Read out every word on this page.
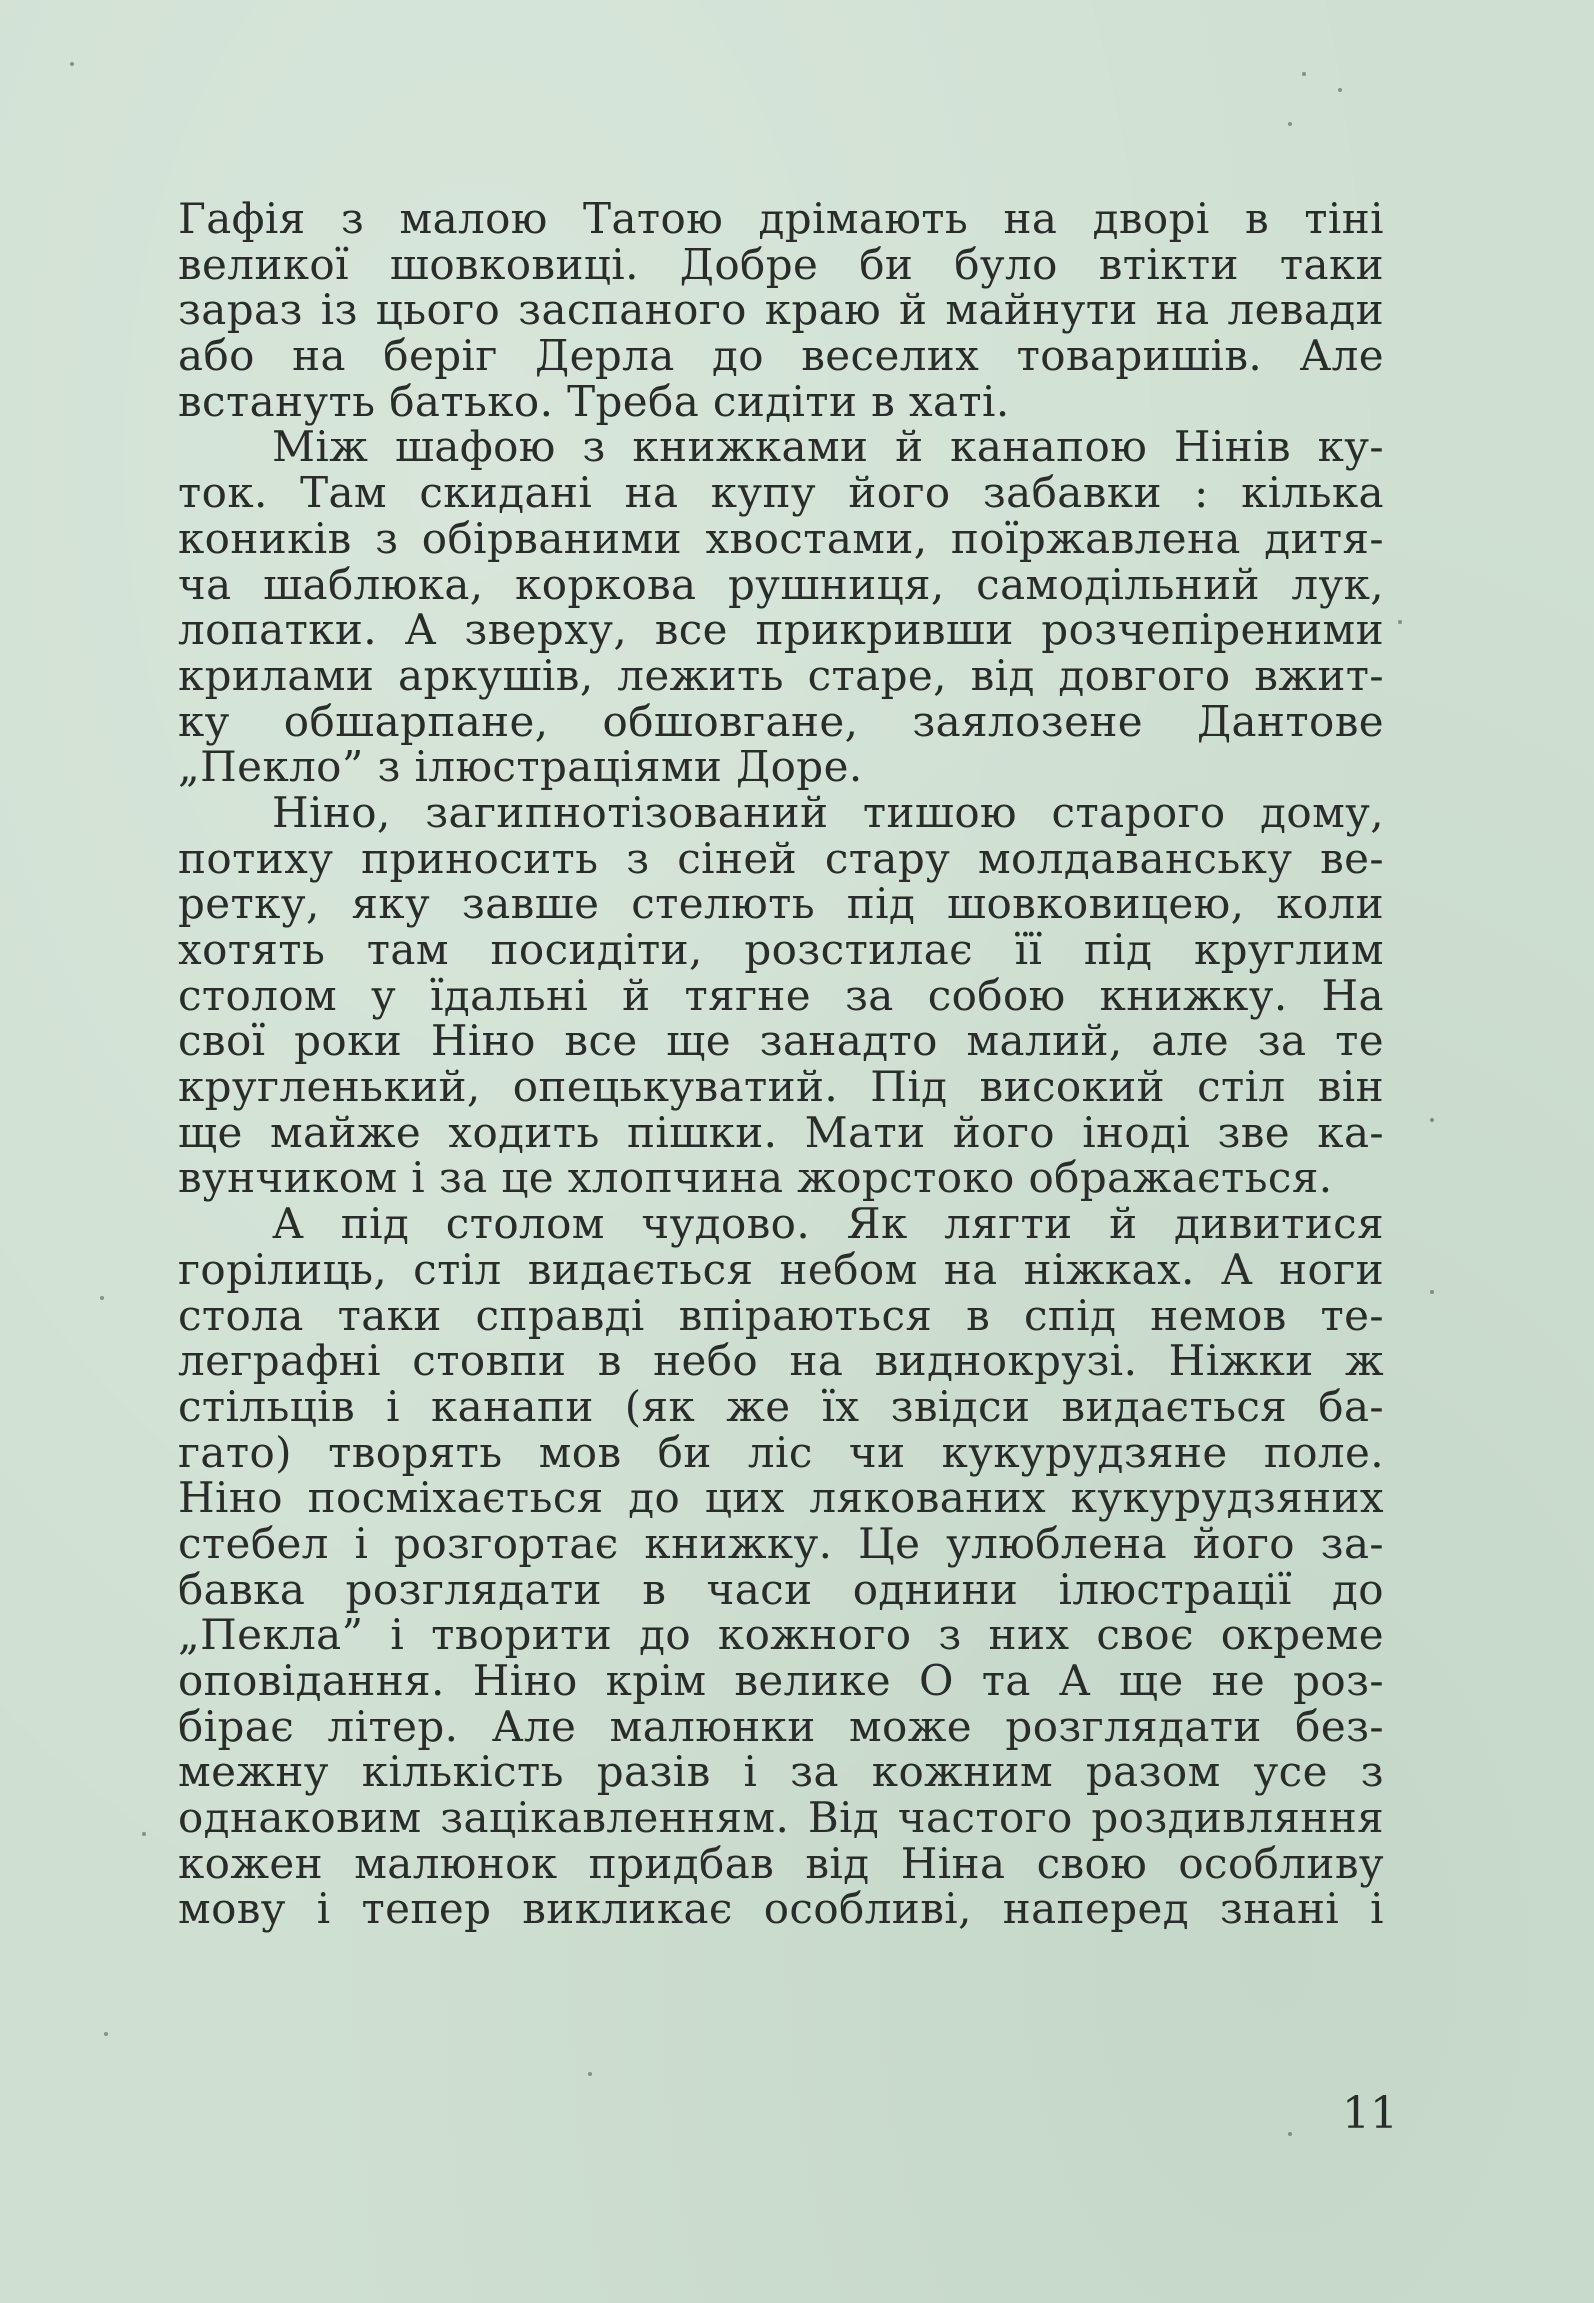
Гафія з малою Татою дрімають на дворі в тіні
великої шовковиці. Добре би було втікти таки
зараз із цього заспаного краю й майнути на левади
або на беріг Дерла до веселих товаришів. Але
встануть батько. Треба сидіти в хаті.
Між шафою з книжками й канапою Нінів ку-
ток. Там скидані на купу його забавки : кілька
коників з обірваними хвостами, поїржавлена дитя-
ча шаблюка, коркова рушниця, самодільний лук,
лопатки. А зверху, все прикривши розчепіреними
крилами аркушів, лежить старе, від довгого вжит-
ку обшарпане, обшовгане, заялозене Дантове
„Пекло” з ілюстраціями Доре.
Ніно, загипнотізований тишою старого дому,
потиху приносить з сіней стару молдаванську ве-
ретку, яку завше стелють під шовковицею, коли
хотять там посидіти, розстилає її під круглим
столом у їдальні й тягне за собою книжку. На
свої роки Ніно все ще занадто малий, але за те
кругленький, опецькуватий. Під високий стіл він
ще майже ходить пішки. Мати його іноді зве ка-
вунчиком і за це хлопчина жорстоко ображається.
А під столом чудово. Як лягти й дивитися
горілиць, стіл видається небом на ніжках. А ноги
стола таки справді впіраються в спід немов те-
леграфні стовпи в небо на виднокрузі. Ніжки ж
стільців і канапи (як же їх звідси видається ба-
гато) творять мов би ліс чи кукурудзяне поле.
Ніно посміхається до цих лякованих кукурудзяних
стебел і розгортає книжку. Це улюблена його за-
бавка розглядати в часи однини ілюстрації до
„Пекла” і творити до кожного з них своє окреме
оповідання. Ніно крім велике О та А ще не роз-
бірає літер. Але малюнки може розглядати без-
межну кількість разів і за кожним разом усе з
однаковим зацікавленням. Від частого роздивляння
кожен малюнок придбав від Ніна свою особливу
мову і тепер викликає особливі, наперед знані і
11
